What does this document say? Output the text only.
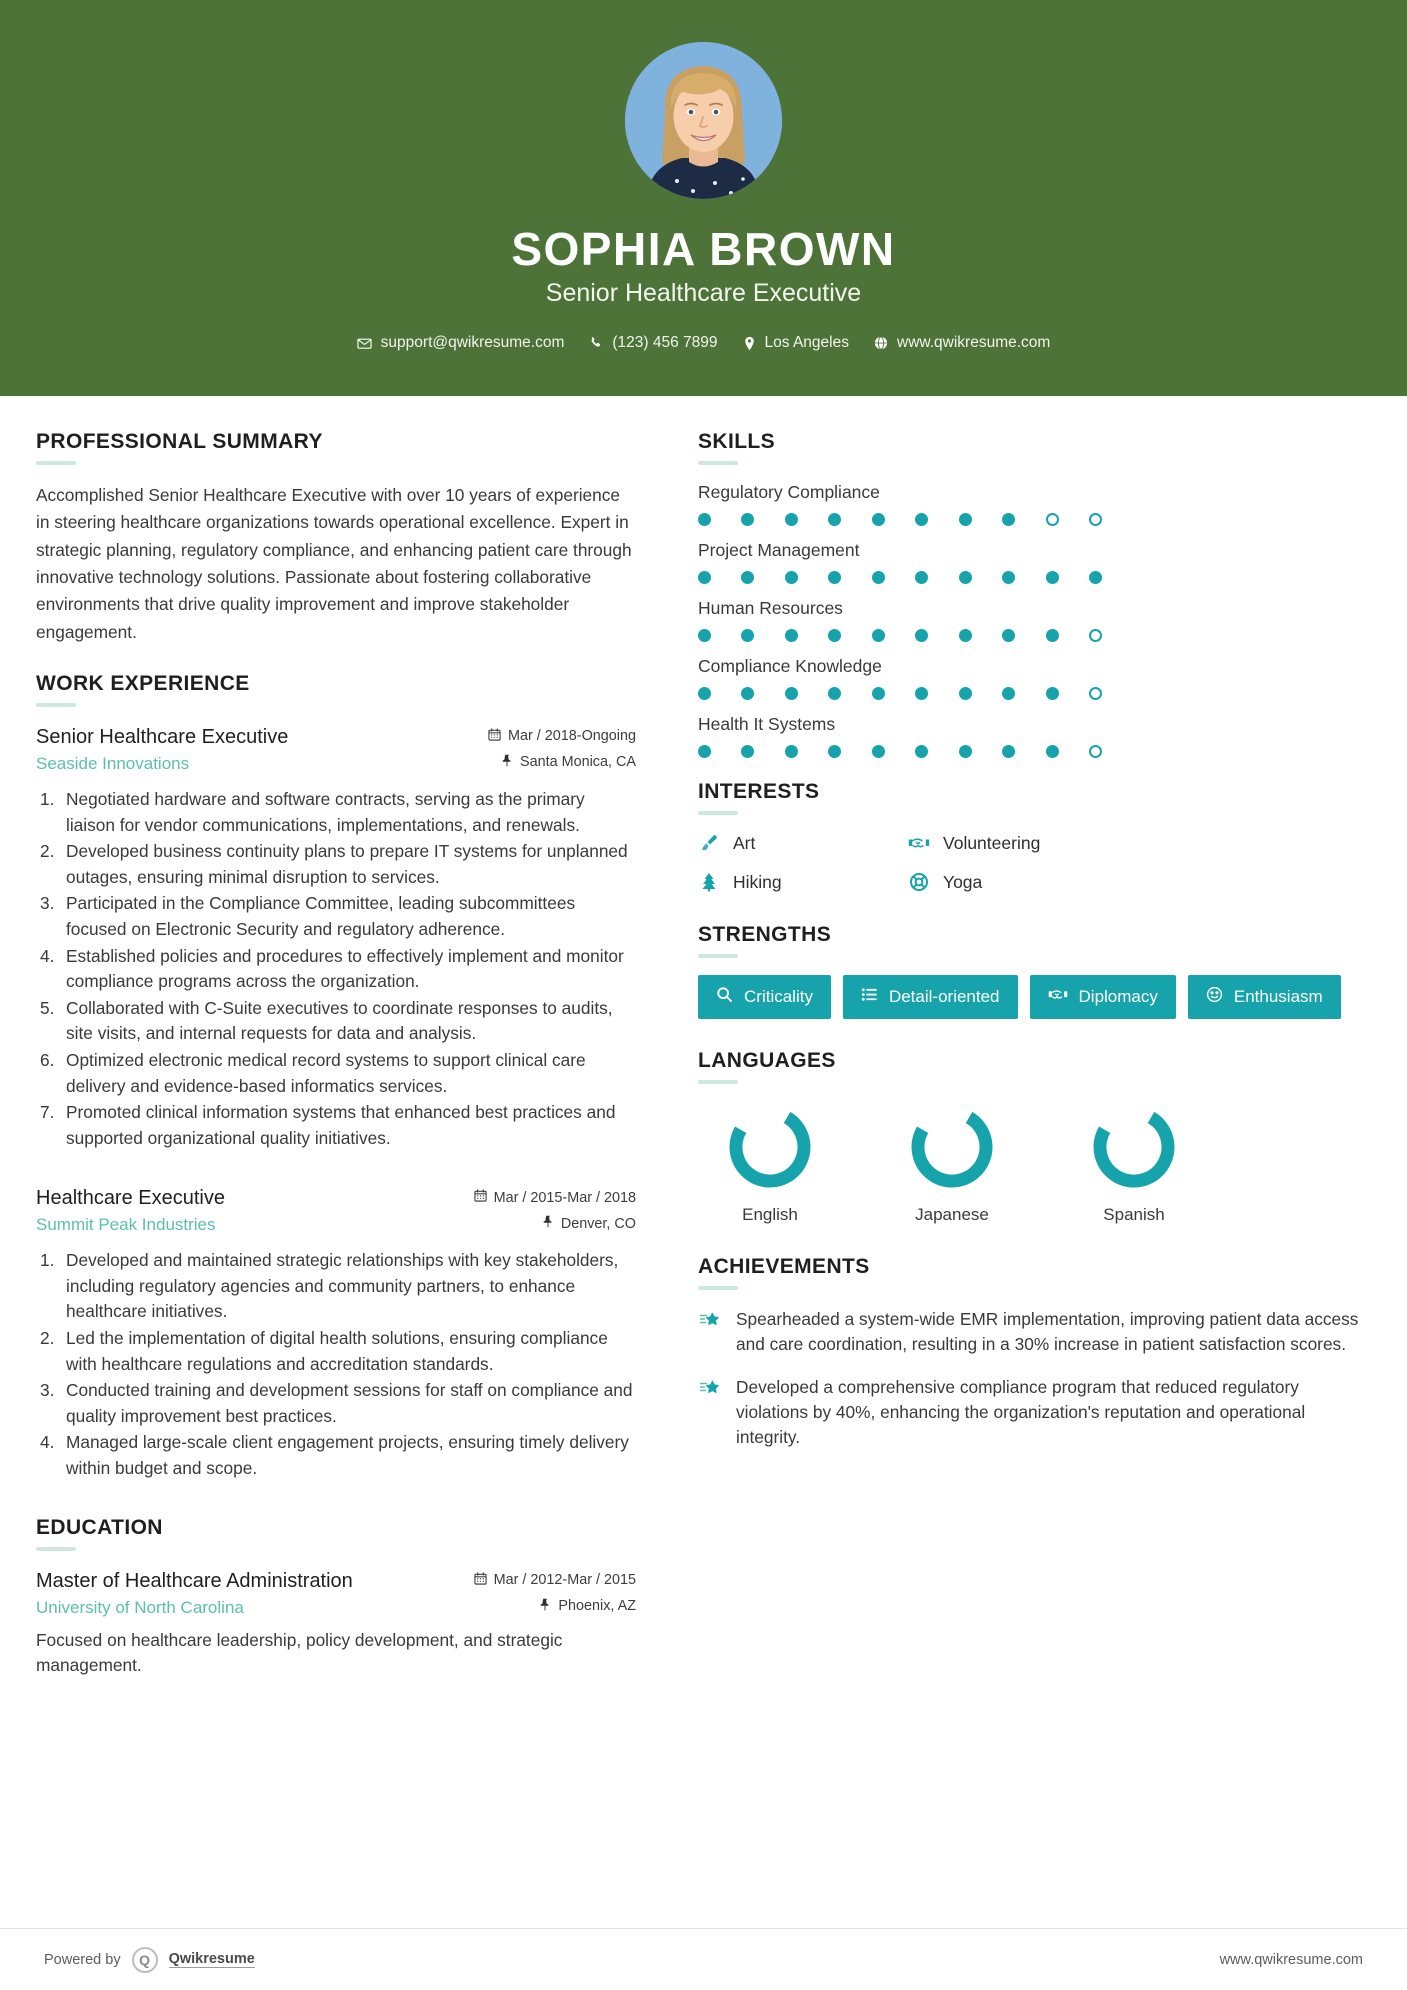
SOPHIA BROWN
Senior Healthcare Executive
support@qwikresume.com	(123) 456 7899	Los Angeles	www.qwikresume.com
PROFESSIONAL SUMMARY
Accomplished Senior Healthcare Executive with over 10 years of experience in steering healthcare organizations towards operational excellence. Expert in strategic planning, regulatory compliance, and enhancing patient care through innovative technology solutions. Passionate about fostering collaborative environments that drive quality improvement and improve stakeholder engagement.
WORK EXPERIENCE
Senior Healthcare Executive
Seaside Innovations
Mar / 2018-Ongoing
Santa Monica, CA
Negotiated hardware and software contracts, serving as the primary liaison for vendor communications, implementations, and renewals.
Developed business continuity plans to prepare IT systems for unplanned outages, ensuring minimal disruption to services.
Participated in the Compliance Committee, leading subcommittees focused on Electronic Security and regulatory adherence.
Established policies and procedures to effectively implement and monitor compliance programs across the organization.
Collaborated with C-Suite executives to coordinate responses to audits, site visits, and internal requests for data and analysis.
Optimized electronic medical record systems to support clinical care delivery and evidence-based informatics services.
Promoted clinical information systems that enhanced best practices and supported organizational quality initiatives.
Healthcare Executive
Summit Peak Industries
Mar / 2015-Mar / 2018
Denver, CO
Developed and maintained strategic relationships with key stakeholders, including regulatory agencies and community partners, to enhance healthcare initiatives.
Led the implementation of digital health solutions, ensuring compliance with healthcare regulations and accreditation standards.
Conducted training and development sessions for staff on compliance and quality improvement best practices.
Managed large-scale client engagement projects, ensuring timely delivery within budget and scope.
EDUCATION
Master of Healthcare Administration
University of North Carolina
Mar / 2012-Mar / 2015
Phoenix, AZ
Focused on healthcare leadership, policy development, and strategic management.
SKILLS
Regulatory Compliance
Project Management
Human Resources
Compliance Knowledge
Health It Systems
INTERESTS
Art	Volunteering
Hiking	Yoga
STRENGTHS
Criticality	Detail-oriented	Diplomacy	Enthusiasm
LANGUAGES
English	Japanese	Spanish
ACHIEVEMENTS
Spearheaded a system-wide EMR implementation, improving patient data access and care coordination, resulting in a 30% increase in patient satisfaction scores.
Developed a comprehensive compliance program that reduced regulatory violations by 40%, enhancing the organization's reputation and operational integrity.
Powered by	Q	Qwikresume	www.qwikresume.com
